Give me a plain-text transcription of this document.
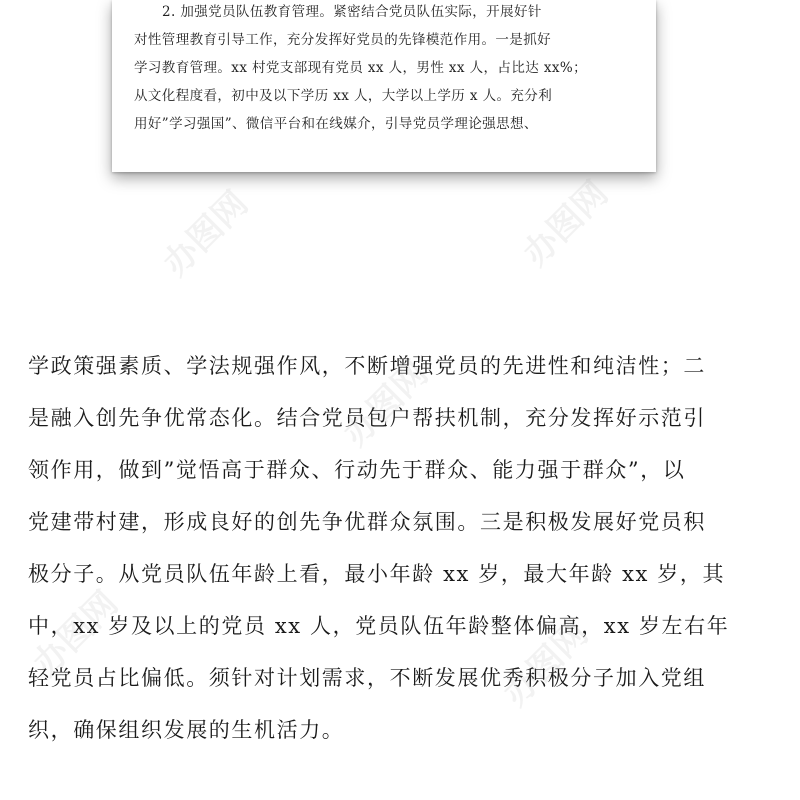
2. 加强党员队伍教育管理。紧密结合党员队伍实际，开展好针
对性管理教育引导工作，充分发挥好党员的先锋模范作用。一是抓好
学习教育管理。xx 村党支部现有党员 xx 人，男性 xx 人，占比达 xx%；
从文化程度看，初中及以下学历 xx 人，大学以上学历 x 人。充分利
用好”学习强国”、微信平台和在线媒介，引导党员学理论强思想、
学政策强素质、学法规强作风，不断增强党员的先进性和纯洁性；二
是融入创先争优常态化。结合党员包户帮扶机制，充分发挥好示范引
领作用，做到”觉悟高于群众、行动先于群众、能力强于群众”，以
党建带村建，形成良好的创先争优群众氛围。三是积极发展好党员积
极分子。从党员队伍年龄上看，最小年龄 xx 岁，最大年龄 xx 岁，其
中，xx 岁及以上的党员 xx 人，党员队伍年龄整体偏高，xx 岁左右年
轻党员占比偏低。须针对计划需求，不断发展优秀积极分子加入党组
织，确保组织发展的生机活力。
办图网	办图网
办图网
办图网	办图网
